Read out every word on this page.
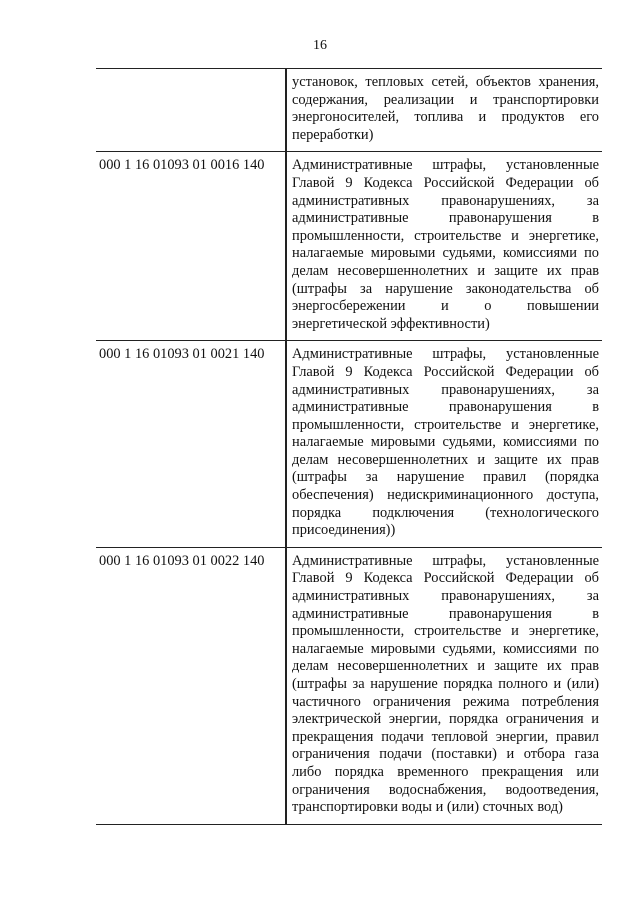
16
	установок, тепловых сетей, объектов хранения, содержания, реализации и транспортировки энергоносителей, топлива и продуктов его переработки)
000 1 16 01093 01 0016 140	Административные штрафы, установленные Главой 9 Кодекса Российской Федерации об административных правонарушениях, за административные правонарушения в промышленности, строительстве и энергетике, налагаемые мировыми судьями, комиссиями по делам несовершеннолетних и защите их прав (штрафы за нарушение законодательства об энергосбережении и о повышении энергетической эффективности)
000 1 16 01093 01 0021 140	Административные штрафы, установленные Главой 9 Кодекса Российской Федерации об административных правонарушениях, за административные правонарушения в промышленности, строительстве и энергетике, налагаемые мировыми судьями, комиссиями по делам несовершеннолетних и защите их прав (штрафы за нарушение правил (порядка обеспечения) недискриминационного доступа, порядка подключения (технологического присоединения))
000 1 16 01093 01 0022 140	Административные штрафы, установленные Главой 9 Кодекса Российской Федерации об административных правонарушениях, за административные правонарушения в промышленности, строительстве и энергетике, налагаемые мировыми судьями, комиссиями по делам несовершеннолетних и защите их прав (штрафы за нарушение порядка полного и (или) частичного ограничения режима потребления электрической энергии, порядка ограничения и прекращения подачи тепловой энергии, правил ограничения подачи (поставки) и отбора газа либо порядка временного прекращения или ограничения водоснабжения, водоотведения, транспортировки воды и (или) сточных вод)
